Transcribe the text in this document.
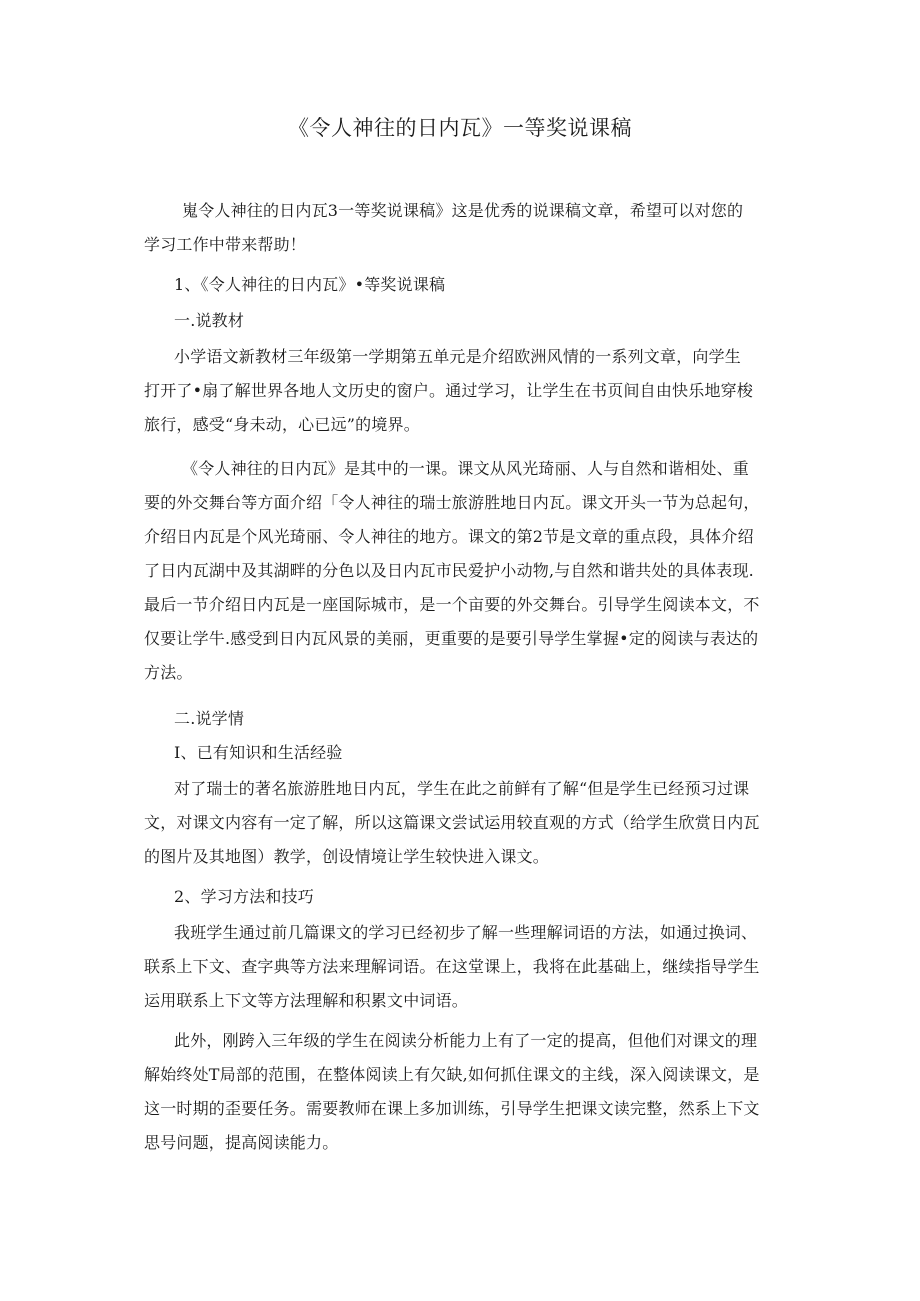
《令人神往的日内瓦》一等奖说课稿
嵬令人神往的日内瓦3一等奖说课稿》这是优秀的说课稿文章，希望可以对您的
学习工作中带来帮助！
1、《令人神往的日内瓦》•等奖说课稿
一.说教材
小学语文新教材三年级第一学期第五单元是介绍欧洲风情的一系列文章，向学生
打开了•扇了解世界各地人文历史的窗户。通过学习，让学生在书页间自由快乐地穿梭
旅行，感受“身未动，心已远”的境界。
《令人神往的日内瓦》是其中的一课。课文从风光琦丽、人与自然和谐相处、重
要的外交舞台等方面介绍「令人神往的瑞士旅游胜地日内瓦。课文开头一节为总起句，
介绍日内瓦是个风光琦丽、令人神往的地方。课文的第2节是文章的重点段，具体介绍
了日内瓦湖中及其湖畔的分色以及日内瓦市民爱护小动物,与自然和谐共处的具体表现.
最后一节介绍日内瓦是一座国际城市，是一个亩要的外交舞台。引导学生阅读本文，不
仅要让学牛.感受到日内瓦风景的美丽，更重要的是要引导学生掌握•定的阅读与表达的
方法。
二.说学情
I、已有知识和生活经验
对了瑞士的著名旅游胜地日内瓦，学生在此之前鲜有了解“但是学生已经预习过课
文，对课文内容有一定了解，所以这篇课文尝试运用较直观的方式（给学生欣赏日内瓦
的图片及其地图）教学，创设情境让学生较快进入课文。
2、学习方法和技巧
我班学生通过前几篇课文的学习已经初步了解一些理解词语的方法，如通过换词、
联系上下文、查字典等方法来理解词语。在这堂课上，我将在此基础上，继续指导学生
运用联系上下文等方法理解和积累文中词语。
此外，刚跨入三年级的学生在阅读分析能力上有了一定的提高，但他们对课文的理
解始终处T局部的范围，在整体阅读上有欠缺,如何抓住课文的主线，深入阅读课文，是
这一时期的歪要任务。需要教师在课上多加训练，引导学生把课文读完整，然系上下文
思号问题，提高阅读能力。
